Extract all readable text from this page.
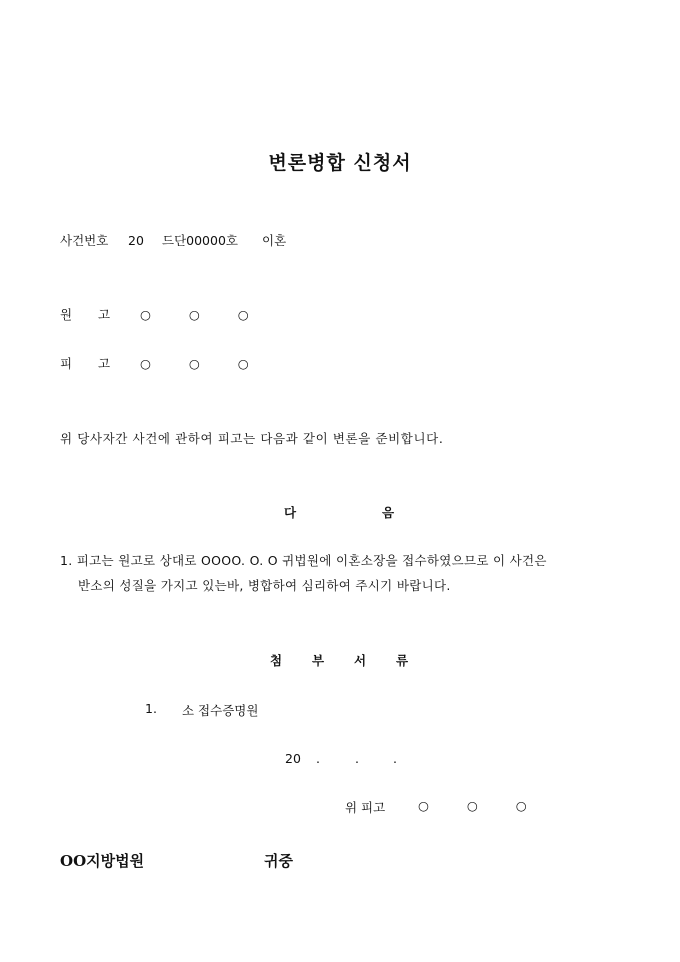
변론병합 신청서
사건번호 20 드단00000호 이혼
원 고 ○ ○ ○
피 고 ○ ○ ○
위 당사자간 사건에 관하여 피고는 다음과 같이 변론을 준비합니다.
다	음
1. 피고는 원고로 상대로 OOOO. O. O 귀법원에 이혼소장을 접수하였으므로 이 사건은
반소의 성질을 가지고 있는바, 병합하여 심리하여 주시기 바랍니다.
첨 부 서 류
1. 소 접수증명원
20 .	.	.
위 피고	○ ○ ○
OO지방법원	귀중
